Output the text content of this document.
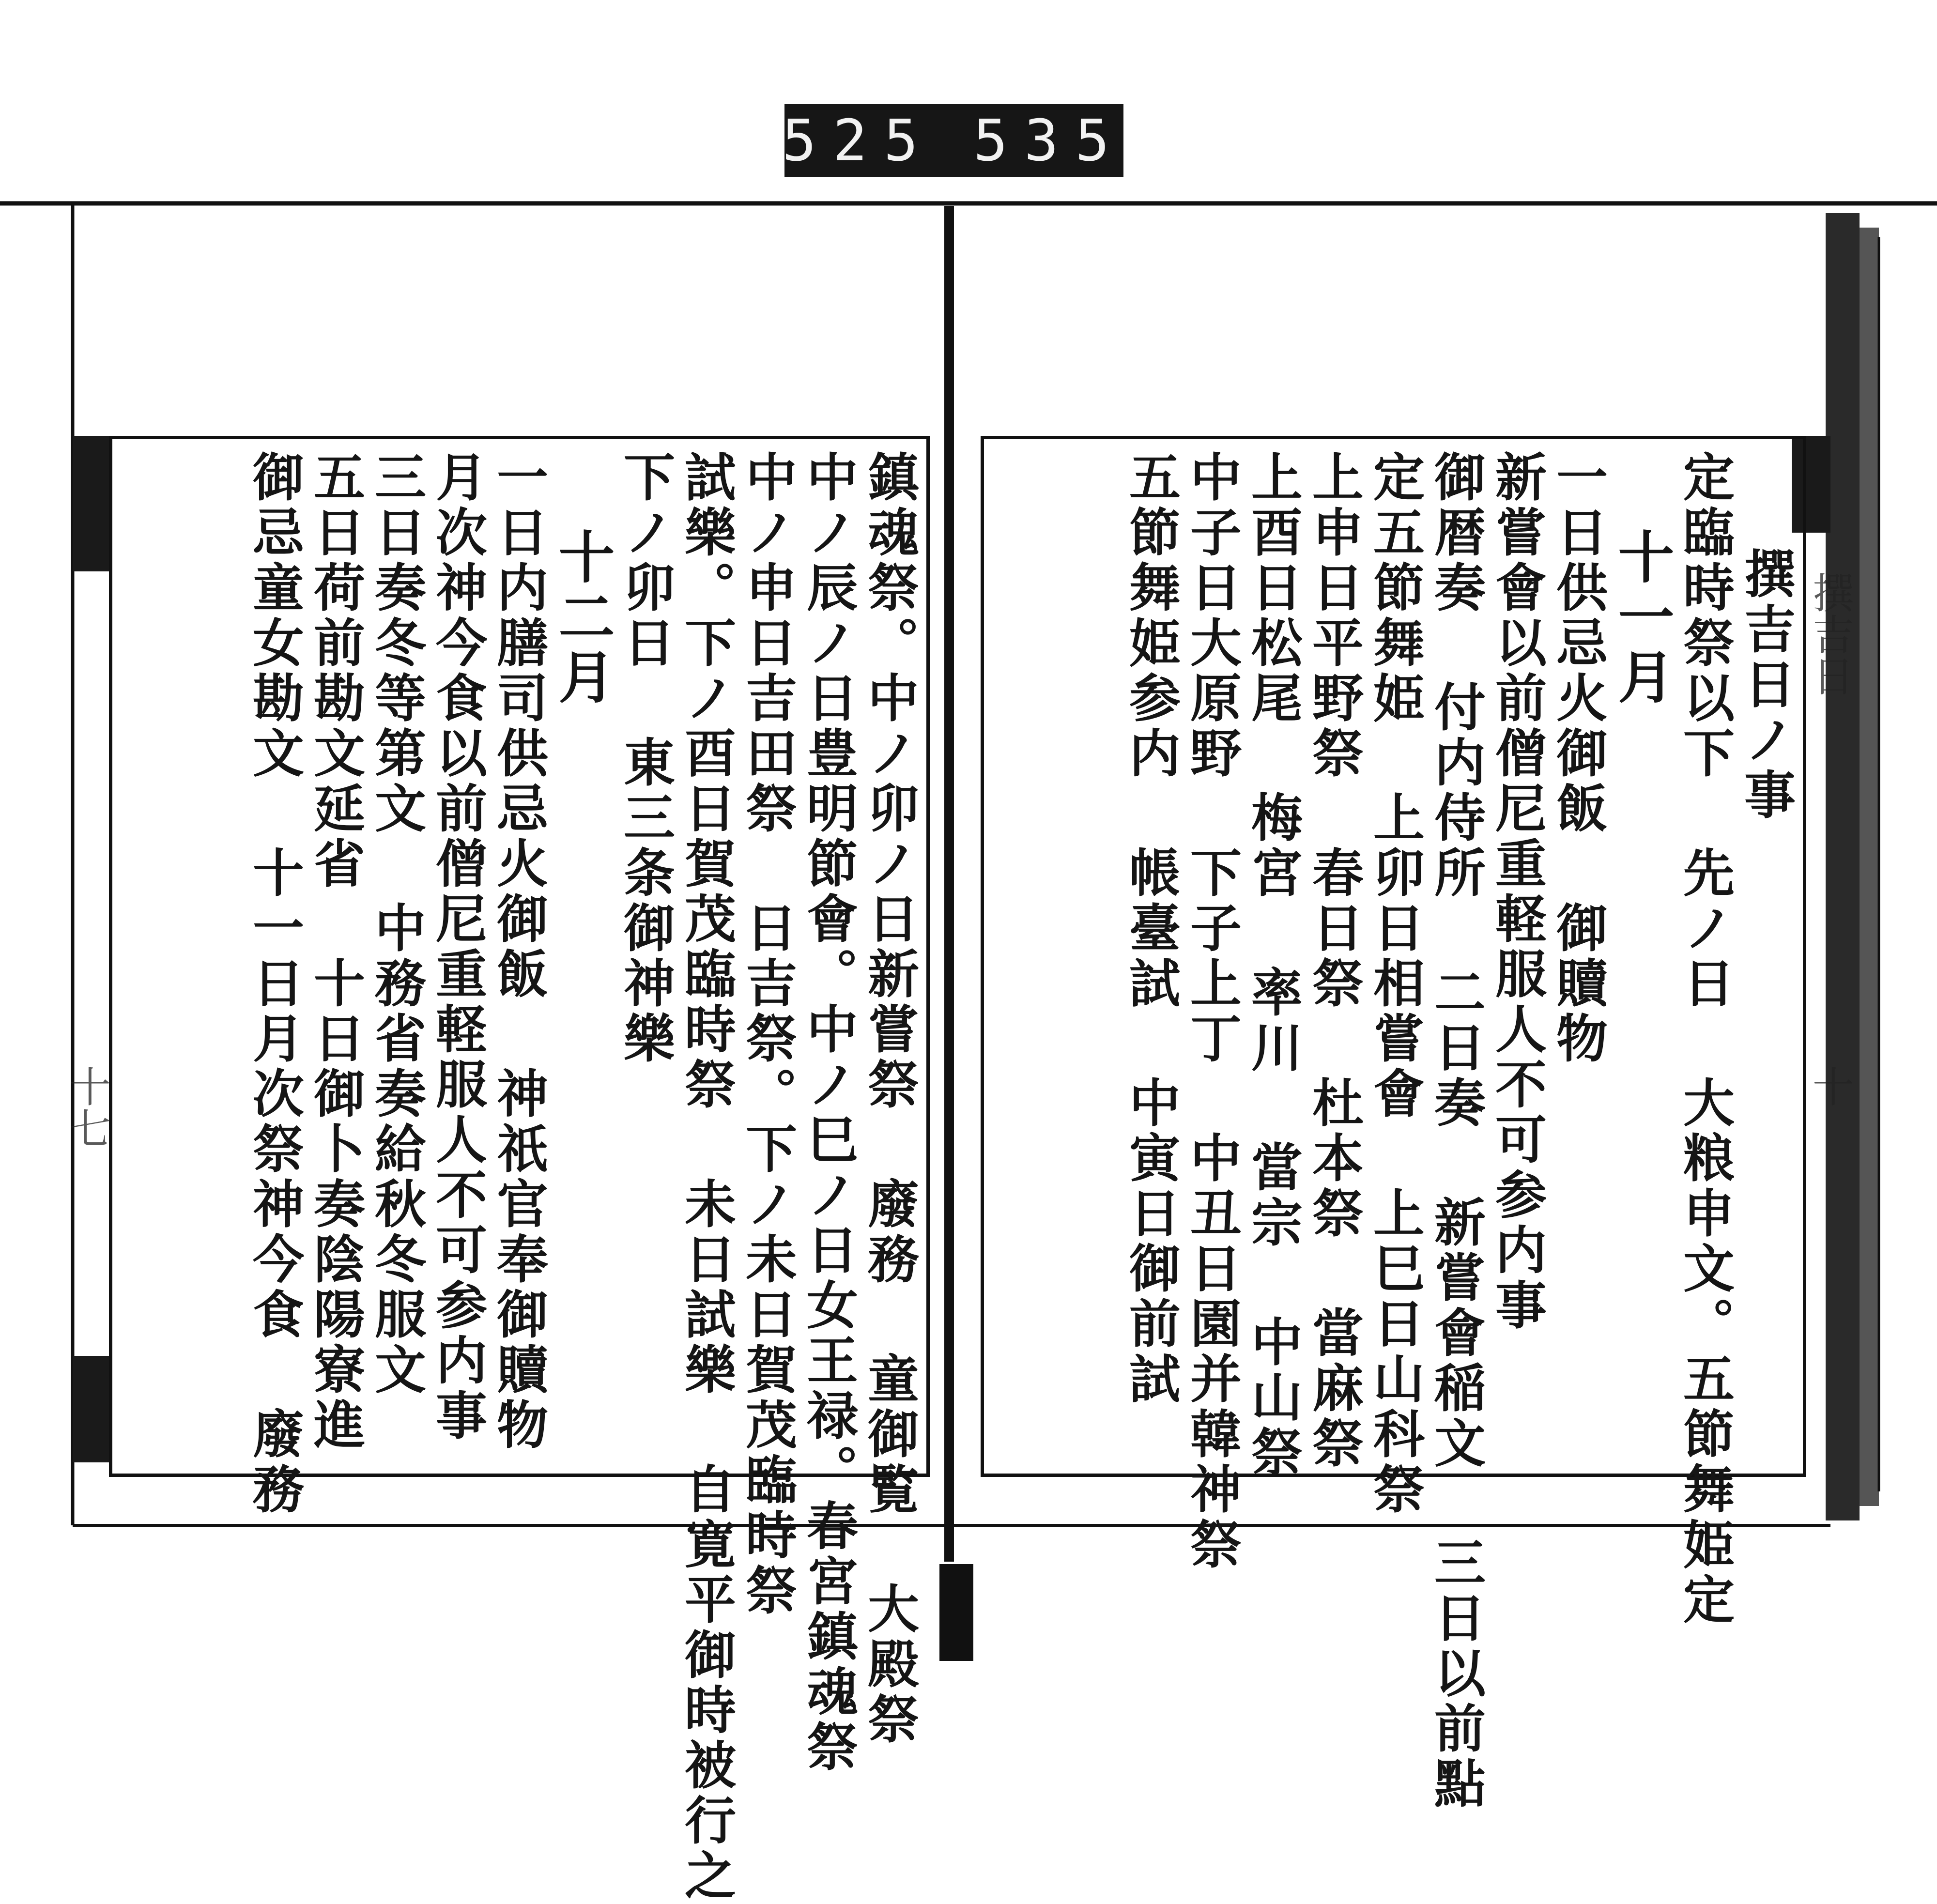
525 535
十七	鎮魂祭。中ノ卯ノ日新嘗祭 廢務 童御覧 大殿祭
中ノ辰ノ日豊明節會。中ノ巳ノ日女王禄。春宮鎮魂祭
中ノ申日吉田祭 日吉祭。下ノ未日賀茂臨時祭
試樂。下ノ酉日賀茂臨時祭 未日試樂 自寛平御時被行之
下ノ卯日 東三条御神樂
十二月
一日内膳司供忌火御飯 神祇官奉御贖物
月次神今食以前僧尼重軽服人不可参内事
三日奏冬等第文 中務省奏給秋冬服文
五日荷前勘文延省 十日御卜奏陰陽寮進
御忌童女勘文 十一日月次祭神今食 廢務	撰吉日
十
撰吉日ノ事
定臨時祭以下 先ノ日 大粮申文。五節舞姫定
十一月
一日供忌火御飯 御贖物
新嘗會以前僧尼重軽服人不可参内事
御暦奏 付内侍所 二日奏 新嘗會稲文 三日以前點
定五節舞姫 上卯日相嘗會 上巳日山科祭
上申日平野祭 春日祭 杜本祭 當麻祭
上酉日松尾 梅宮 率川 當宗 中山祭
中子日大原野 下子上丁 中丑日園并韓神祭
五節舞姫参内 帳臺試 中寅日御前試
